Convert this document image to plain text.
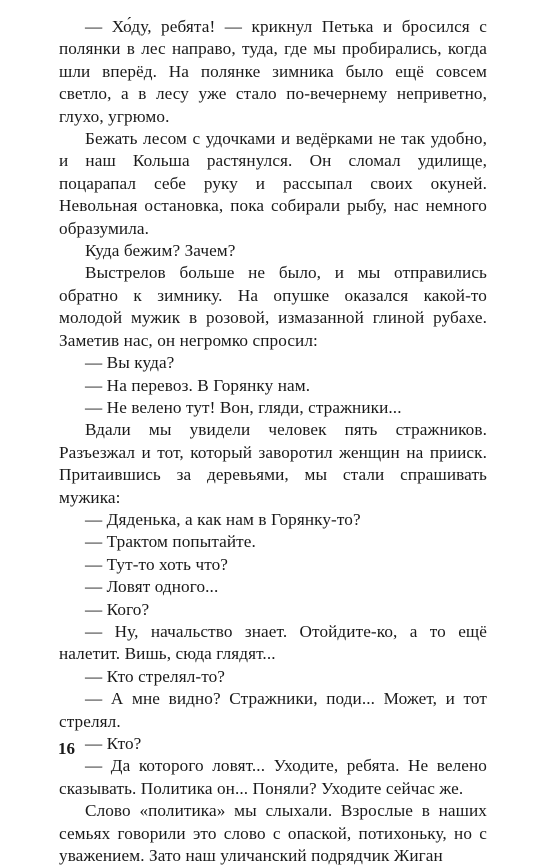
— Хо́ду, ребята! — крикнул Петька и бросился с полянки в лес направо, туда, где мы пробирались, когда шли вперёд. На полянке зимника было ещё совсем светло, а в лесу уже стало по-вечернему неприветно, глухо, угрюмо.

Бежать лесом с удочками и ведёрками не так удобно, и наш Кольша растянулся. Он сломал удилище, поцарапал себе руку и рассыпал своих окуней. Невольная остановка, пока собирали рыбу, нас немного образумила.

Куда бежим? Зачем?

Выстрелов больше не было, и мы отправились обратно к зимнику. На опушке оказался какой-то молодой мужик в розовой, измазанной глиной рубахе. Заметив нас, он негромко спросил:

— Вы куда?

— На перевоз. В Горянку нам.

— Не велено тут! Вон, гляди, стражники...

Вдали мы увидели человек пять стражников. Разъезжал и тот, который заворотил женщин на прииск. Притаившись за деревьями, мы стали спрашивать мужика:

— Дяденька, а как нам в Горянку-то?

— Трактом попытайте.

— Тут-то хоть что?

— Ловят одного...

— Кого?

— Ну, начальство знает. Отойдите-ко, а то ещё налетит. Вишь, сюда глядят...

— Кто стрелял-то?

— А мне видно? Стражники, поди... Может, и тот стрелял.

— Кто?

— Да которого ловят... Уходите, ребята. Не велено сказывать. Политика он... Поняли? Уходите сейчас же.

Слово «политика» мы слыхали. Взрослые в наших семьях говорили это слово с опаской, потихоньку, но с уважением. Зато наш уличанский подрядчик Жиган

16
